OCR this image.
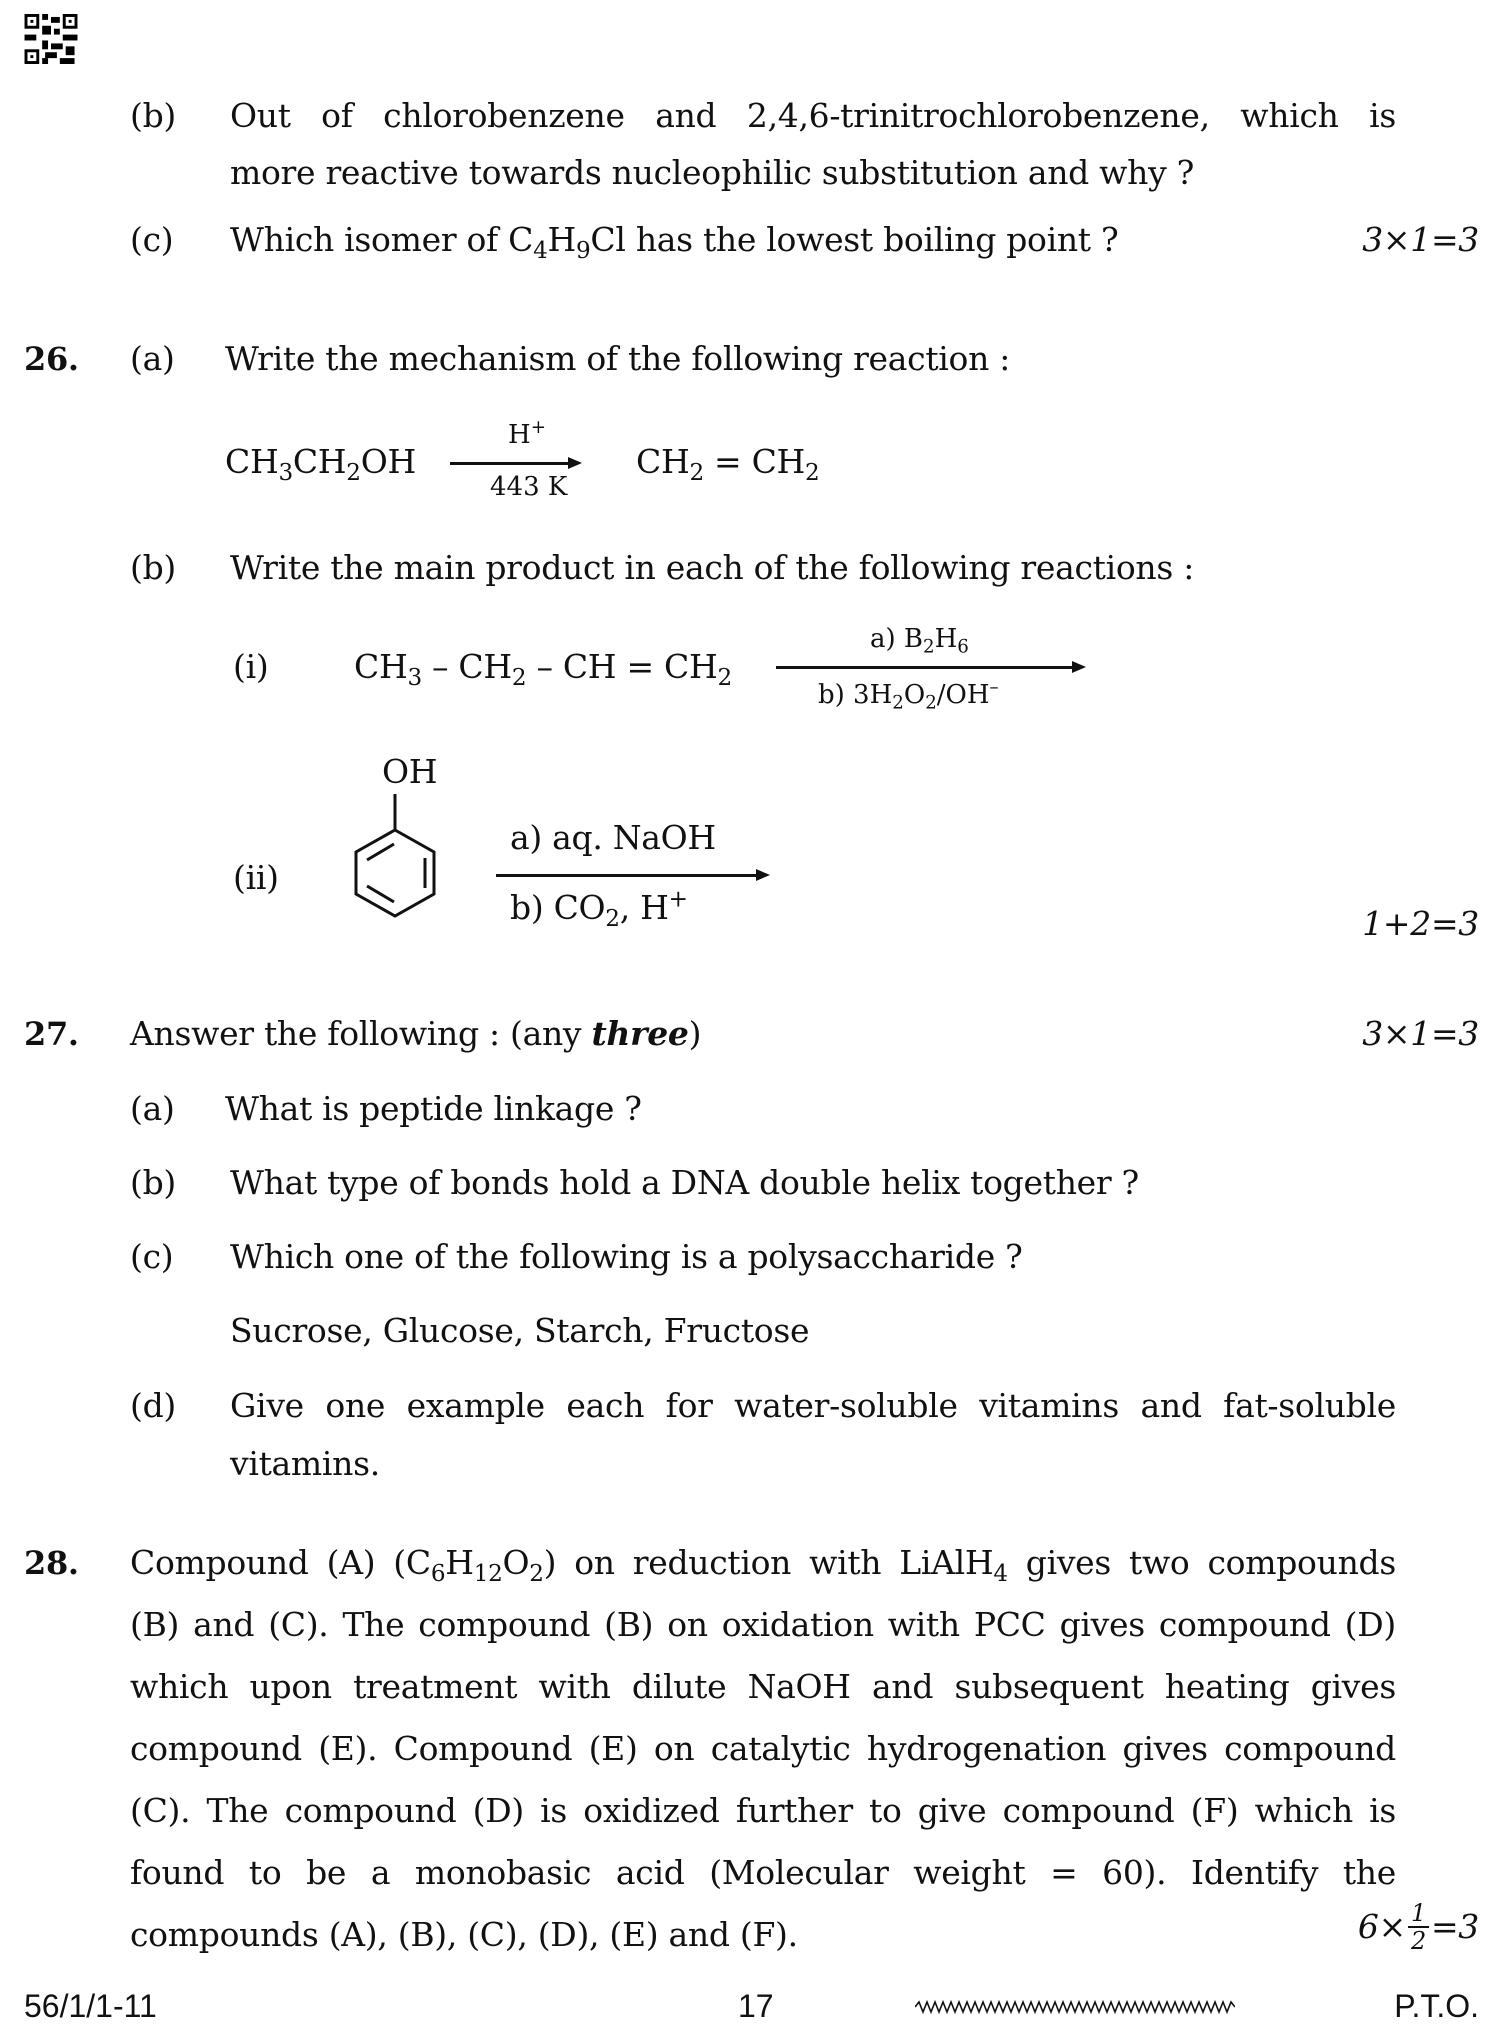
(b) Out of chlorobenzene and 2,4,6-trinitrochlorobenzene, which is
more reactive towards nucleophilic substitution and why ?
(c) Which isomer of $C_4H_9Cl$ has the lowest boiling point ?	3×1=3
26. (a) Write the mechanism of the following reaction :
$CH_3CH_2OH$
H+
443 K
$CH_2 = CH_2$
(b) Write the main product in each of the following reactions :
(i)	$CH_3 - CH_2$ – CH = $CH_2$
a) $B_2H_6$
b) $3H_2O_2/OH^-$
(ii)
OH
a) aq. NaOH
b) $CO_2$, H+
1+2=3
27. Answer the following : (any three)	3×1=3
(a) What is peptide linkage ?
(b) What type of bonds hold a DNA double helix together ?
(c) Which one of the following is a polysaccharide ?
Sucrose, Glucose, Starch, Fructose
(d) Give one example each for water-soluble vitamins and fat-soluble
vitamins.
28. Compound (A) $(C_6H_{12}O_2)$ on reduction with LiAlH$_4$ gives two compounds
(B) and (C). The compound (B) on oxidation with PCC gives compound (D)
which upon treatment with dilute NaOH and subsequent heating gives
compound (E). Compound (E) on catalytic hydrogenation gives compound
(C). The compound (D) is oxidized further to give compound (F) which is
found to be a monobasic acid (Molecular weight = 60). Identify the
compounds (A), (B), (C), (D), (E) and (F).	$6\times \frac{1}{2} =3$
56/1/1-11	17	P.T.O.
